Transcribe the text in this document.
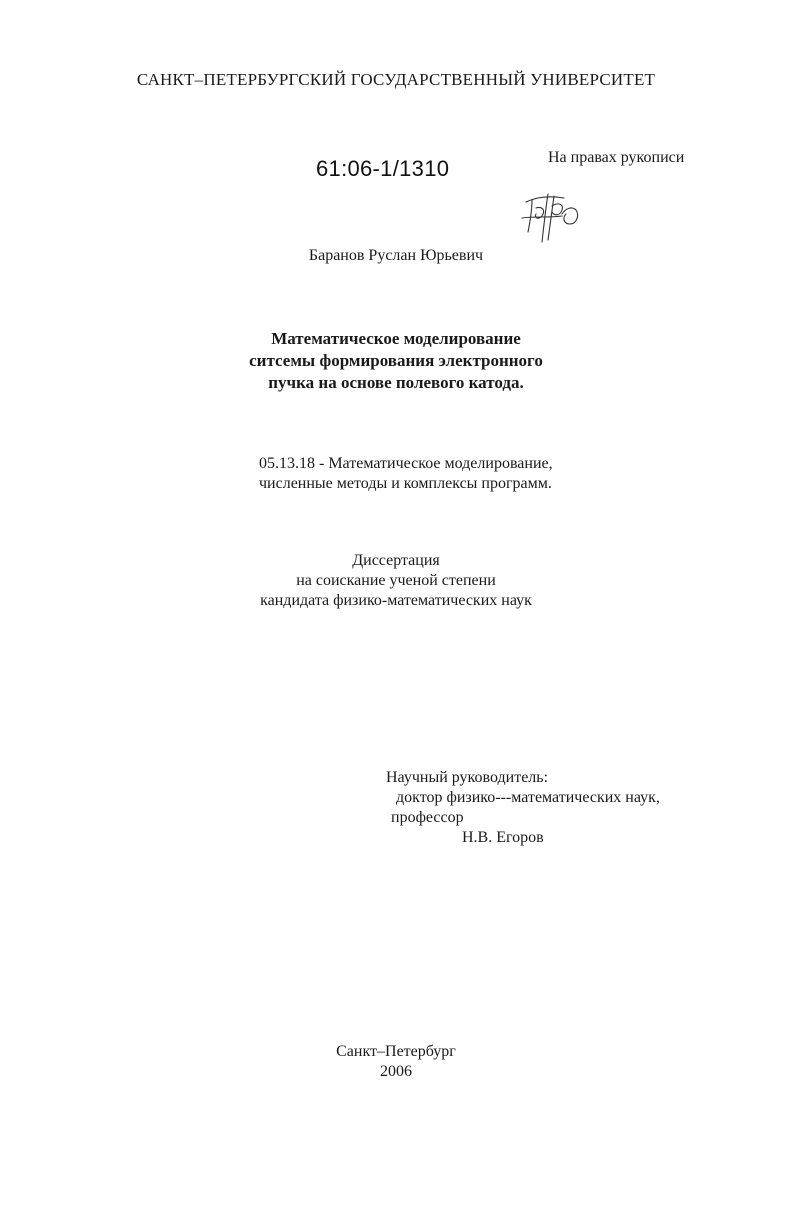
САНКТ–ПЕТЕРБУРГСКИЙ ГОСУДАРСТВЕННЫЙ УНИВЕРСИТЕТ
61:06-1/1310	На правах рукописи
Баранов Руслан Юрьевич
Математическое моделирование
ситсемы формирования электронного
пучка на основе полевого катода.
05.13.18 - Математическое моделирование,
численные методы и комплексы программ.
Диссертация
на соискание ученой степени
кандидата физико-математических наук
Научный руководитель:
доктор физико---математических наук,
профессор
Н.В. Егоров
Санкт–Петербург
2006
